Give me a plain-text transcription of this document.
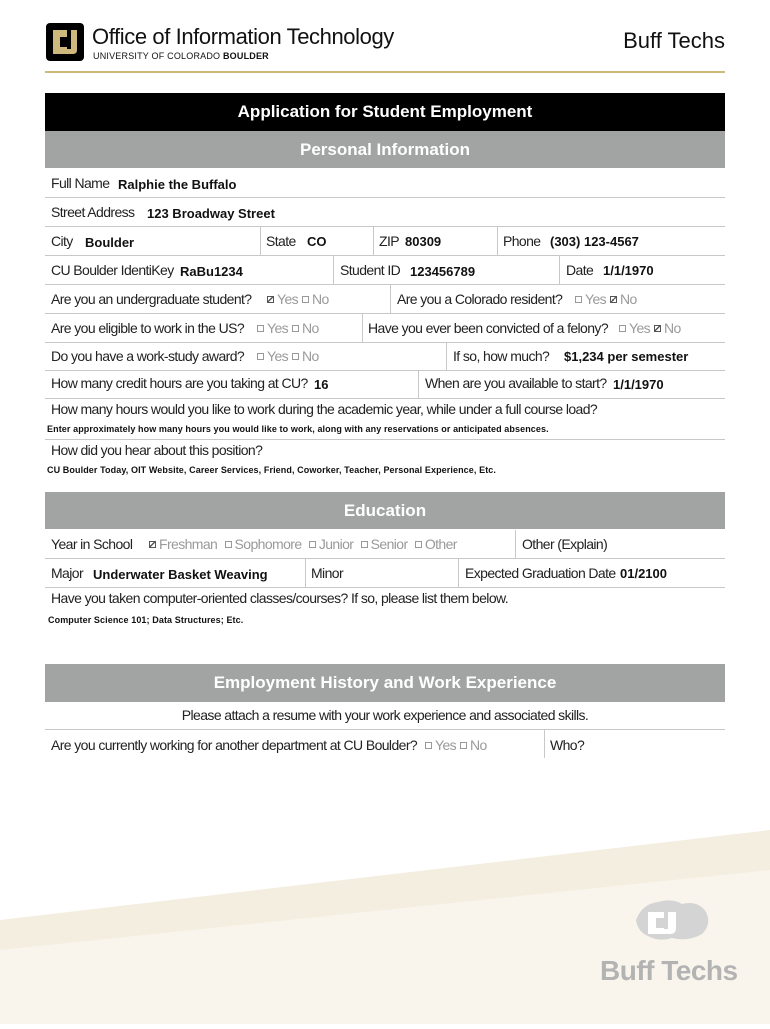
Office of Information Technology
UNIVERSITY OF COLORADO BOULDER
Buff Techs
Application for Student Employment
Personal Information
Full Name Ralphie the Buffalo
Street Address 123 Broadway Street
City Boulder	State CO	ZIP 80309	Phone (303) 123-4567
CU Boulder IdentiKey RaBu1234	Student ID 123456789	Date 1/1/1970
Are you an undergraduate student?	Yes No	Are you a Colorado resident?	Yes No
Are you eligible to work in the US?	Yes No	Have you ever been convicted of a felony?	Yes No
Do you have a work-study award?	Yes No	If so, how much? $1,234 per semester
How many credit hours are you taking at CU? 16	When are you available to start? 1/1/1970
How many hours would you like to work during the academic year, while under a full course load?
Enter approximately how many hours you would like to work, along with any reservations or anticipated absences.
How did you hear about this position?
CU Boulder Today, OIT Website, Career Services, Friend, Coworker, Teacher, Personal Experience, Etc.
Education
Year in School	Freshman Sophomore Junior Senior Other	Other (Explain)
Major Underwater Basket Weaving	Minor	Expected Graduation Date 01/2100
Have you taken computer-oriented classes/courses? If so, please list them below.
Computer Science 101; Data Structures; Etc.
Employment History and Work Experience
Please attach a resume with your work experience and associated skills.
Are you currently working for another department at CU Boulder?	Yes No	Who?
Buff Techs
